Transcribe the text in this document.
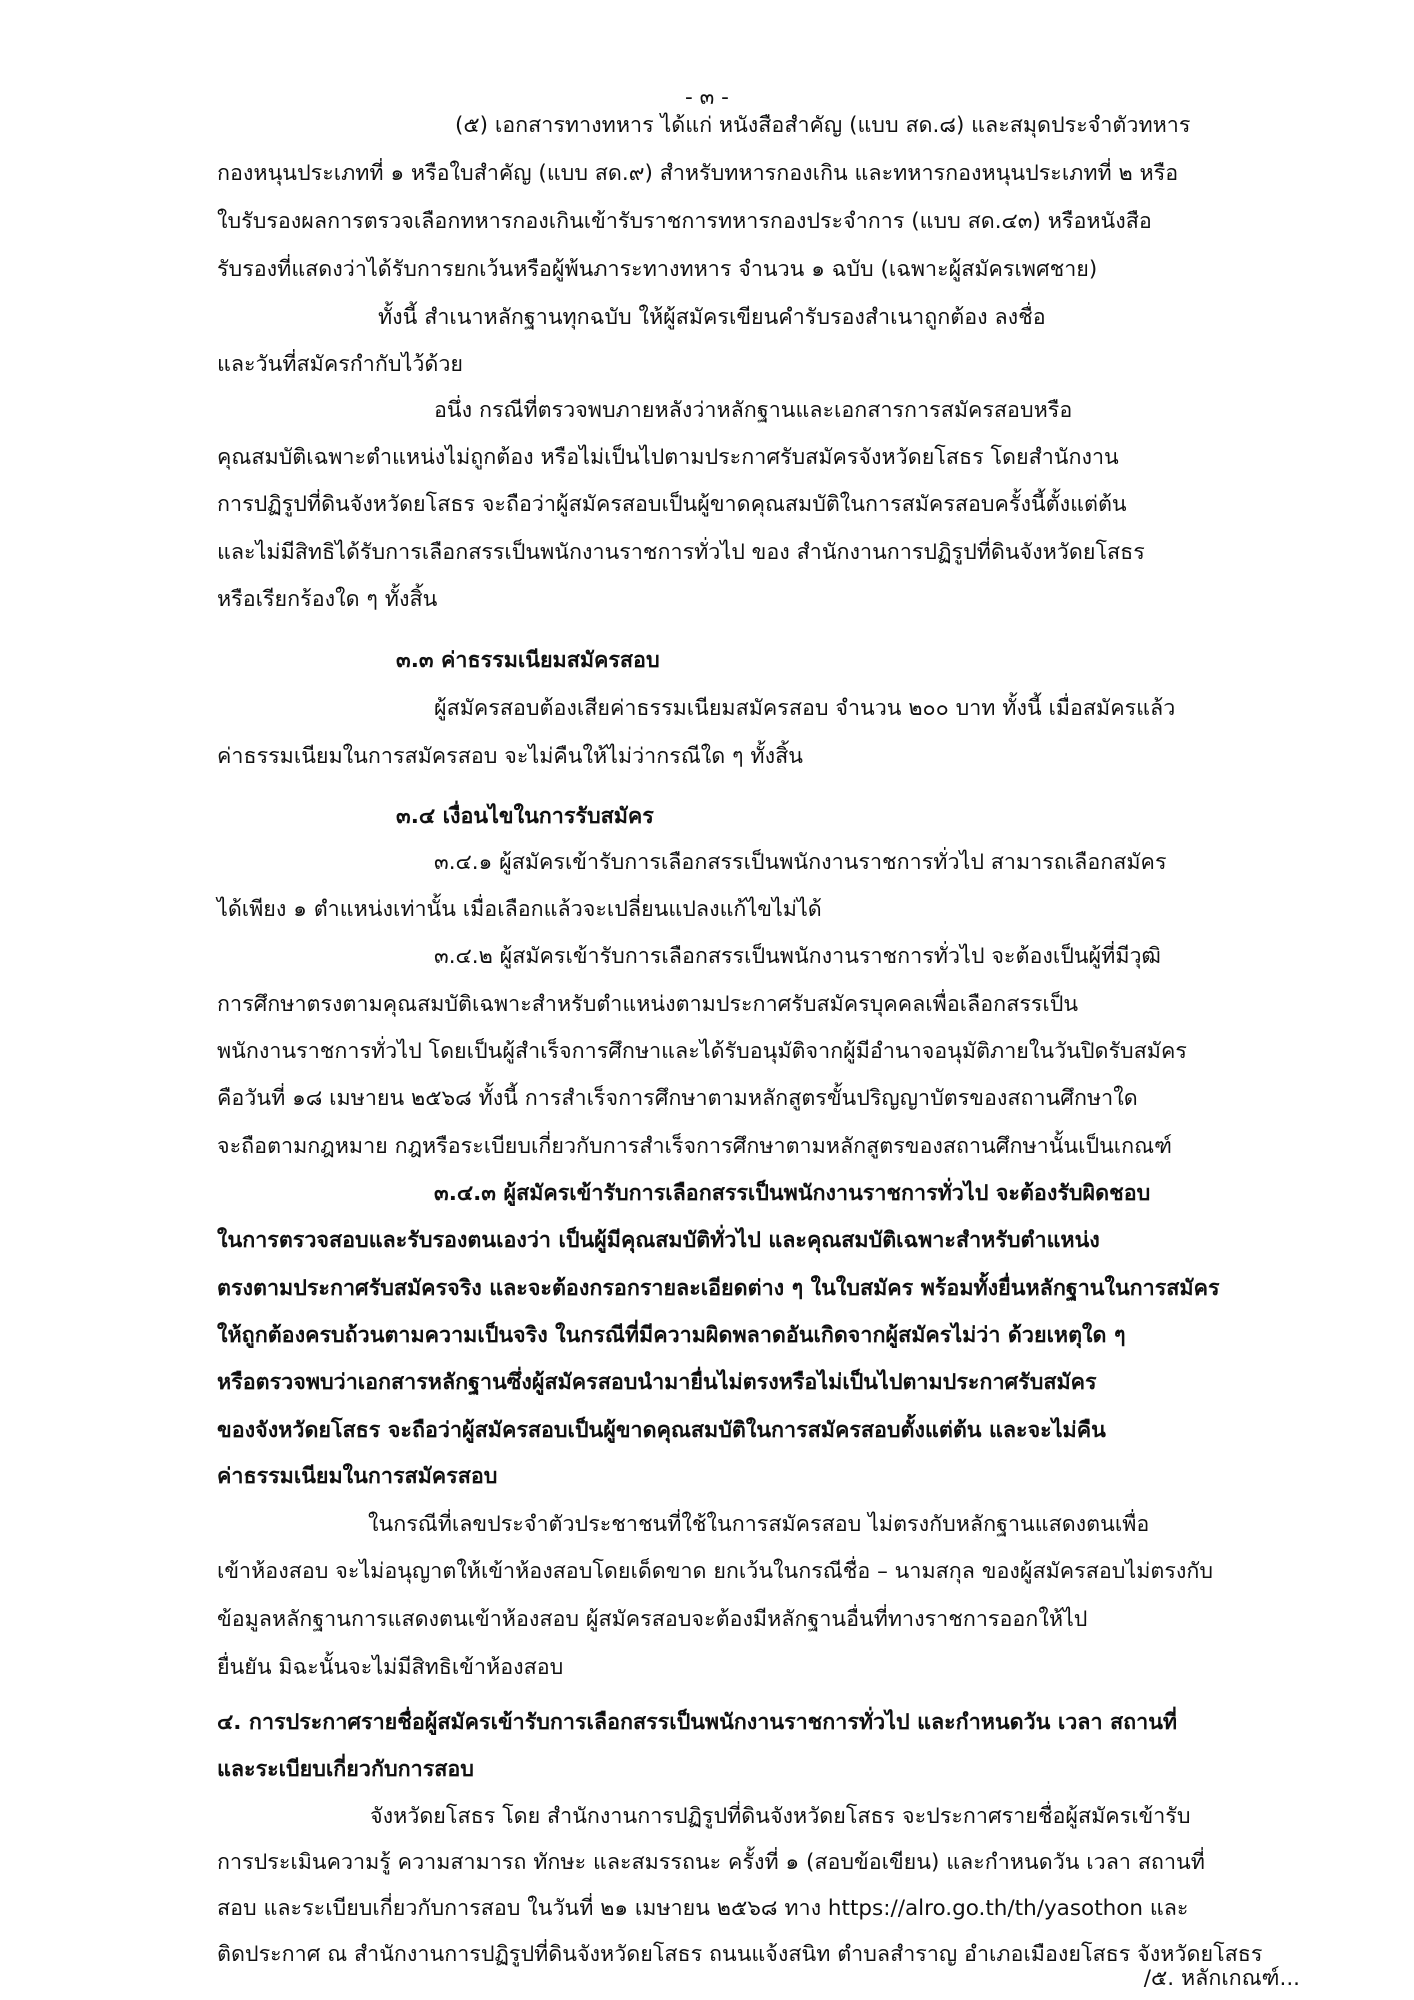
- ๓ -
(๕) เอกสารทางทหาร ได้แก่ หนังสือสำคัญ (แบบ สด.๘) และสมุดประจำตัวทหาร
กองหนุนประเภทที่ ๑ หรือใบสำคัญ (แบบ สด.๙) สำหรับทหารกองเกิน และทหารกองหนุนประเภทที่ ๒ หรือ
ใบรับรองผลการตรวจเลือกทหารกองเกินเข้ารับราชการทหารกองประจำการ (แบบ สด.๔๓) หรือหนังสือ
รับรองที่แสดงว่าได้รับการยกเว้นหรือผู้พ้นภาระทางทหาร จำนวน ๑ ฉบับ (เฉพาะผู้สมัครเพศชาย)
ทั้งนี้ สำเนาหลักฐานทุกฉบับ ให้ผู้สมัครเขียนคำรับรองสำเนาถูกต้อง ลงชื่อ
และวันที่สมัครกำกับไว้ด้วย
อนึ่ง กรณีที่ตรวจพบภายหลังว่าหลักฐานและเอกสารการสมัครสอบหรือ
คุณสมบัติเฉพาะตำแหน่งไม่ถูกต้อง หรือไม่เป็นไปตามประกาศรับสมัครจังหวัดยโสธร โดยสำนักงาน
การปฏิรูปที่ดินจังหวัดยโสธร จะถือว่าผู้สมัครสอบเป็นผู้ขาดคุณสมบัติในการสมัครสอบครั้งนี้ตั้งแต่ต้น
และไม่มีสิทธิได้รับการเลือกสรรเป็นพนักงานราชการทั่วไป ของ สำนักงานการปฏิรูปที่ดินจังหวัดยโสธร
หรือเรียกร้องใด ๆ ทั้งสิ้น
๓.๓ ค่าธรรมเนียมสมัครสอบ
ผู้สมัครสอบต้องเสียค่าธรรมเนียมสมัครสอบ จำนวน ๒๐๐ บาท ทั้งนี้ เมื่อสมัครแล้ว
ค่าธรรมเนียมในการสมัครสอบ จะไม่คืนให้ไม่ว่ากรณีใด ๆ ทั้งสิ้น
๓.๔ เงื่อนไขในการรับสมัคร
๓.๔.๑ ผู้สมัครเข้ารับการเลือกสรรเป็นพนักงานราชการทั่วไป สามารถเลือกสมัคร
ได้เพียง ๑ ตำแหน่งเท่านั้น เมื่อเลือกแล้วจะเปลี่ยนแปลงแก้ไขไม่ได้
๓.๔.๒ ผู้สมัครเข้ารับการเลือกสรรเป็นพนักงานราชการทั่วไป จะต้องเป็นผู้ที่มีวุฒิ
การศึกษาตรงตามคุณสมบัติเฉพาะสำหรับตำแหน่งตามประกาศรับสมัครบุคคลเพื่อเลือกสรรเป็น
พนักงานราชการทั่วไป โดยเป็นผู้สำเร็จการศึกษาและได้รับอนุมัติจากผู้มีอำนาจอนุมัติภายในวันปิดรับสมัคร
คือวันที่ ๑๘ เมษายน ๒๕๖๘ ทั้งนี้ การสำเร็จการศึกษาตามหลักสูตรขั้นปริญญาบัตรของสถานศึกษาใด
จะถือตามกฎหมาย กฎหรือระเบียบเกี่ยวกับการสำเร็จการศึกษาตามหลักสูตรของสถานศึกษานั้นเป็นเกณฑ์
๓.๔.๓ ผู้สมัครเข้ารับการเลือกสรรเป็นพนักงานราชการทั่วไป จะต้องรับผิดชอบ
ในการตรวจสอบและรับรองตนเองว่า เป็นผู้มีคุณสมบัติทั่วไป และคุณสมบัติเฉพาะสำหรับตำแหน่ง
ตรงตามประกาศรับสมัครจริง และจะต้องกรอกรายละเอียดต่าง ๆ ในใบสมัคร พร้อมทั้งยื่นหลักฐานในการสมัคร
ให้ถูกต้องครบถ้วนตามความเป็นจริง ในกรณีที่มีความผิดพลาดอันเกิดจากผู้สมัครไม่ว่า ด้วยเหตุใด ๆ
หรือตรวจพบว่าเอกสารหลักฐานซึ่งผู้สมัครสอบนำมายื่นไม่ตรงหรือไม่เป็นไปตามประกาศรับสมัคร
ของจังหวัดยโสธร จะถือว่าผู้สมัครสอบเป็นผู้ขาดคุณสมบัติในการสมัครสอบตั้งแต่ต้น และจะไม่คืน
ค่าธรรมเนียมในการสมัครสอบ
ในกรณีที่เลขประจำตัวประชาชนที่ใช้ในการสมัครสอบ ไม่ตรงกับหลักฐานแสดงตนเพื่อ
เข้าห้องสอบ จะไม่อนุญาตให้เข้าห้องสอบโดยเด็ดขาด ยกเว้นในกรณีชื่อ – นามสกุล ของผู้สมัครสอบไม่ตรงกับ
ข้อมูลหลักฐานการแสดงตนเข้าห้องสอบ ผู้สมัครสอบจะต้องมีหลักฐานอื่นที่ทางราชการออกให้ไป
ยื่นยัน มิฉะนั้นจะไม่มีสิทธิเข้าห้องสอบ
๔. การประกาศรายชื่อผู้สมัครเข้ารับการเลือกสรรเป็นพนักงานราชการทั่วไป และกำหนดวัน เวลา สถานที่
และระเบียบเกี่ยวกับการสอบ
จังหวัดยโสธร โดย สำนักงานการปฏิรูปที่ดินจังหวัดยโสธร จะประกาศรายชื่อผู้สมัครเข้ารับ
การประเมินความรู้ ความสามารถ ทักษะ และสมรรถนะ ครั้งที่ ๑ (สอบข้อเขียน) และกำหนดวัน เวลา สถานที่
สอบ และระเบียบเกี่ยวกับการสอบ ในวันที่ ๒๑ เมษายน ๒๕๖๘ ทาง https://alro.go.th/th/yasothon และ
ติดประกาศ ณ สำนักงานการปฏิรูปที่ดินจังหวัดยโสธร ถนนแจ้งสนิท ตำบลสำราญ อำเภอเมืองยโสธร จังหวัดยโสธร
/๕. หลักเกณฑ์...
